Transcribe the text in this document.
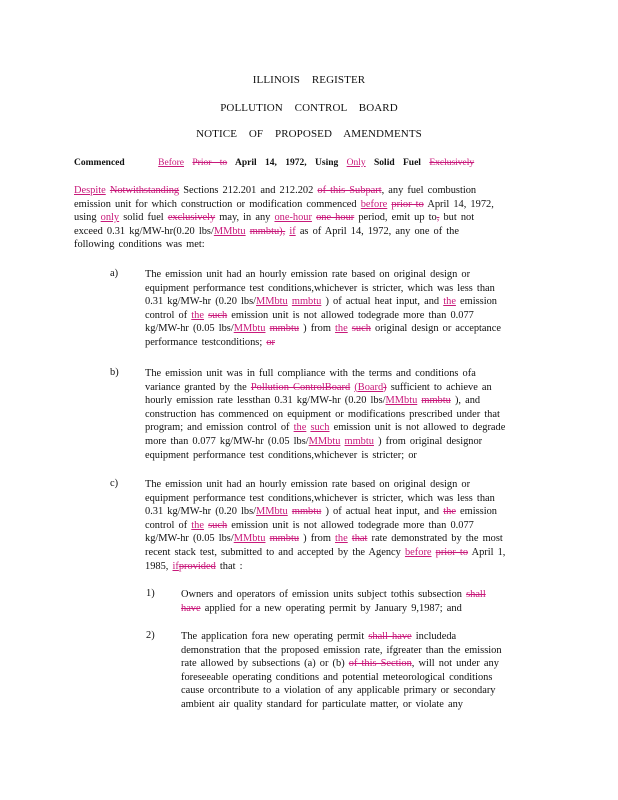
ILLINOIS REGISTER
POLLUTION CONTROL BOARD
NOTICE OF PROPOSED AMENDMENTS
Commenced	Before Prior to April 14, 1972, Using Only Solid Fuel Exclusively
Despite Notwithstanding Sections 212.201 and 212.202 of this Subpart, any fuel combustion
emission unit for which construction or modification commenced before prior to April 14, 1972,
using only solid fuel exclusively may, in any one-hour one hour period, emit up to, but not
exceed 0.31 kg/MW-hr(0.20 lbs/MMbtu mmbtu), if as of April 14, 1972, any one of the
following conditions was met:
a)	The emission unit had an hourly emission rate based on original design or
equipment performance test conditions,whichever is stricter, which was less than
0.31 kg/MW-hr (0.20 lbs/MMbtu mmbtu ) of actual heat input, and the emission
control of the such emission unit is not allowed todegrade more than 0.077
kg/MW-hr (0.05 lbs/MMbtu mmbtu ) from the such original design or acceptance
performance testconditions; or
b)	The emission unit was in full compliance with the terms and conditions ofa
variance granted by the Pollution ControlBoard (Board) sufficient to achieve an
hourly emission rate lessthan 0.31 kg/MW-hr (0.20 lbs/MMbtu mmbtu ), and
construction has commenced on equipment or modifications prescribed under that
program; and emission control of the such emission unit is not allowed to degrade
more than 0.077 kg/MW-hr (0.05 lbs/MMbtu mmbtu ) from original designor
equipment performance test conditions,whichever is stricter; or
c)	The emission unit had an hourly emission rate based on original design or
equipment performance test conditions,whichever is stricter, which was less than
0.31 kg/MW-hr (0.20 lbs/MMbtu mmbtu ) of actual heat input, and the emission
control of the such emission unit is not allowed todegrade more than 0.077
kg/MW-hr (0.05 lbs/MMbtu mmbtu ) from the that rate demonstrated by the most
recent stack test, submitted to and accepted by the Agency before prior to April 1,
1985, ifprovided that :
1)	Owners and operators of emission units subject tothis subsection shall
have applied for a new operating permit by January 9,1987; and
2)	The application fora new operating permit shall have includeda
demonstration that the proposed emission rate, ifgreater than the emission
rate allowed by subsections (a) or (b) of this Section, will not under any
foreseeable operating conditions and potential meteorological conditions
cause orcontribute to a violation of any applicable primary or secondary
ambient air quality standard for particulate matter, or violate any
